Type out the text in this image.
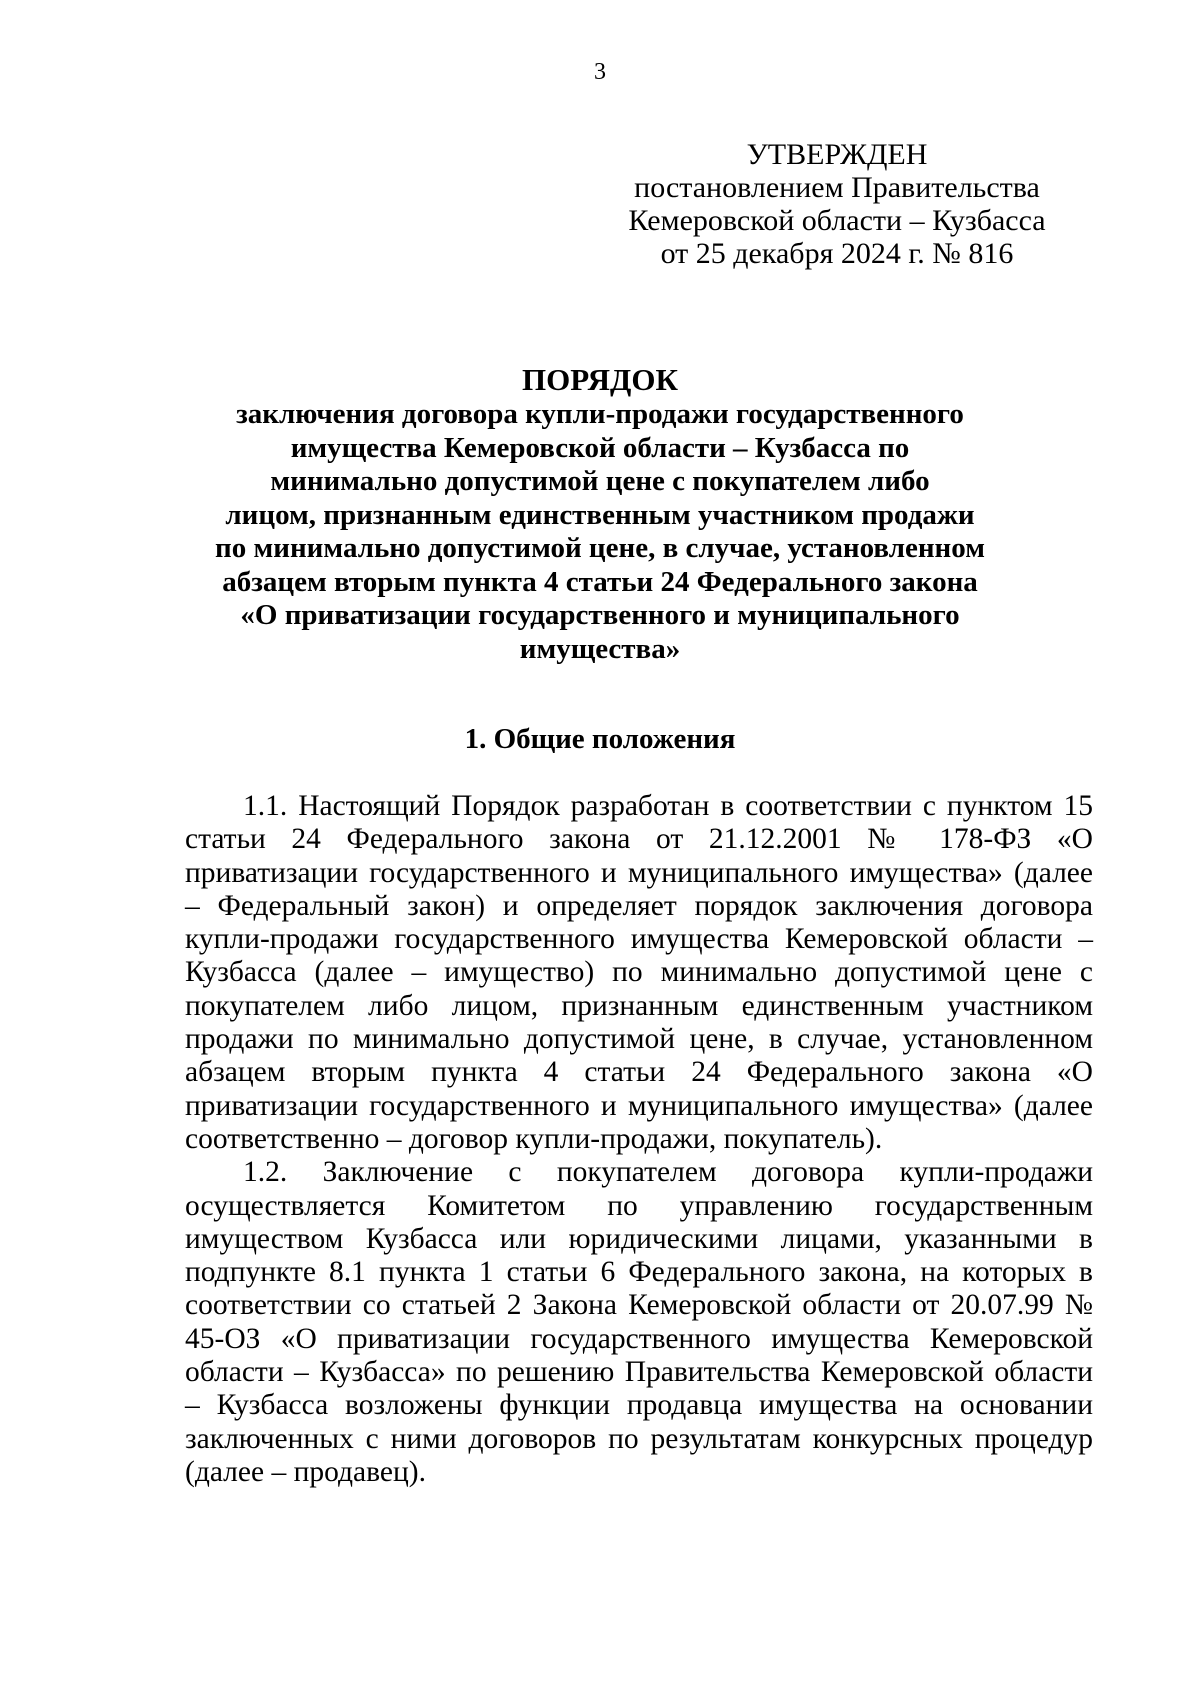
3
УТВЕРЖДЕН
постановлением Правительства
Кемеровской области – Кузбасса
от 25 декабря 2024 г. № 816
ПОРЯДОК
заключения договора купли-продажи государственного
имущества Кемеровской области – Кузбасса по
минимально допустимой цене с покупателем либо
лицом, признанным единственным участником продажи
по минимально допустимой цене, в случае, установленном
абзацем вторым пункта 4 статьи 24 Федерального закона
«О приватизации государственного и муниципального
имущества»
1. Общие положения

1.1. Настоящий Порядок разработан в соответствии с пунктом 15 статьи 24 Федерального закона от 21.12.2001 № 178-ФЗ «О приватизации государственного и муниципального имущества» (далее – Федеральный закон) и определяет порядок заключения договора купли-продажи государственного имущества Кемеровской области – Кузбасса (далее – имущество) по минимально допустимой цене с покупателем либо лицом, признанным единственным участником продажи по минимально допустимой цене, в случае, установленном абзацем вторым пункта 4 статьи 24 Федерального закона «О приватизации государственного и муниципального имущества» (далее соответственно – договор купли-продажи, покупатель).

1.2. Заключение с покупателем договора купли-продажи осуществляется Комитетом по управлению государственным имуществом Кузбасса или юридическими лицами, указанными в подпункте 8.1 пункта 1 статьи 6 Федерального закона, на которых в соответствии со статьей 2 Закона Кемеровской области от 20.07.99 № 45-ОЗ «О приватизации государственного имущества Кемеровской области – Кузбасса» по решению Правительства Кемеровской области – Кузбасса возложены функции продавца имущества на основании заключенных с ними договоров по результатам конкурсных процедур (далее – продавец).
